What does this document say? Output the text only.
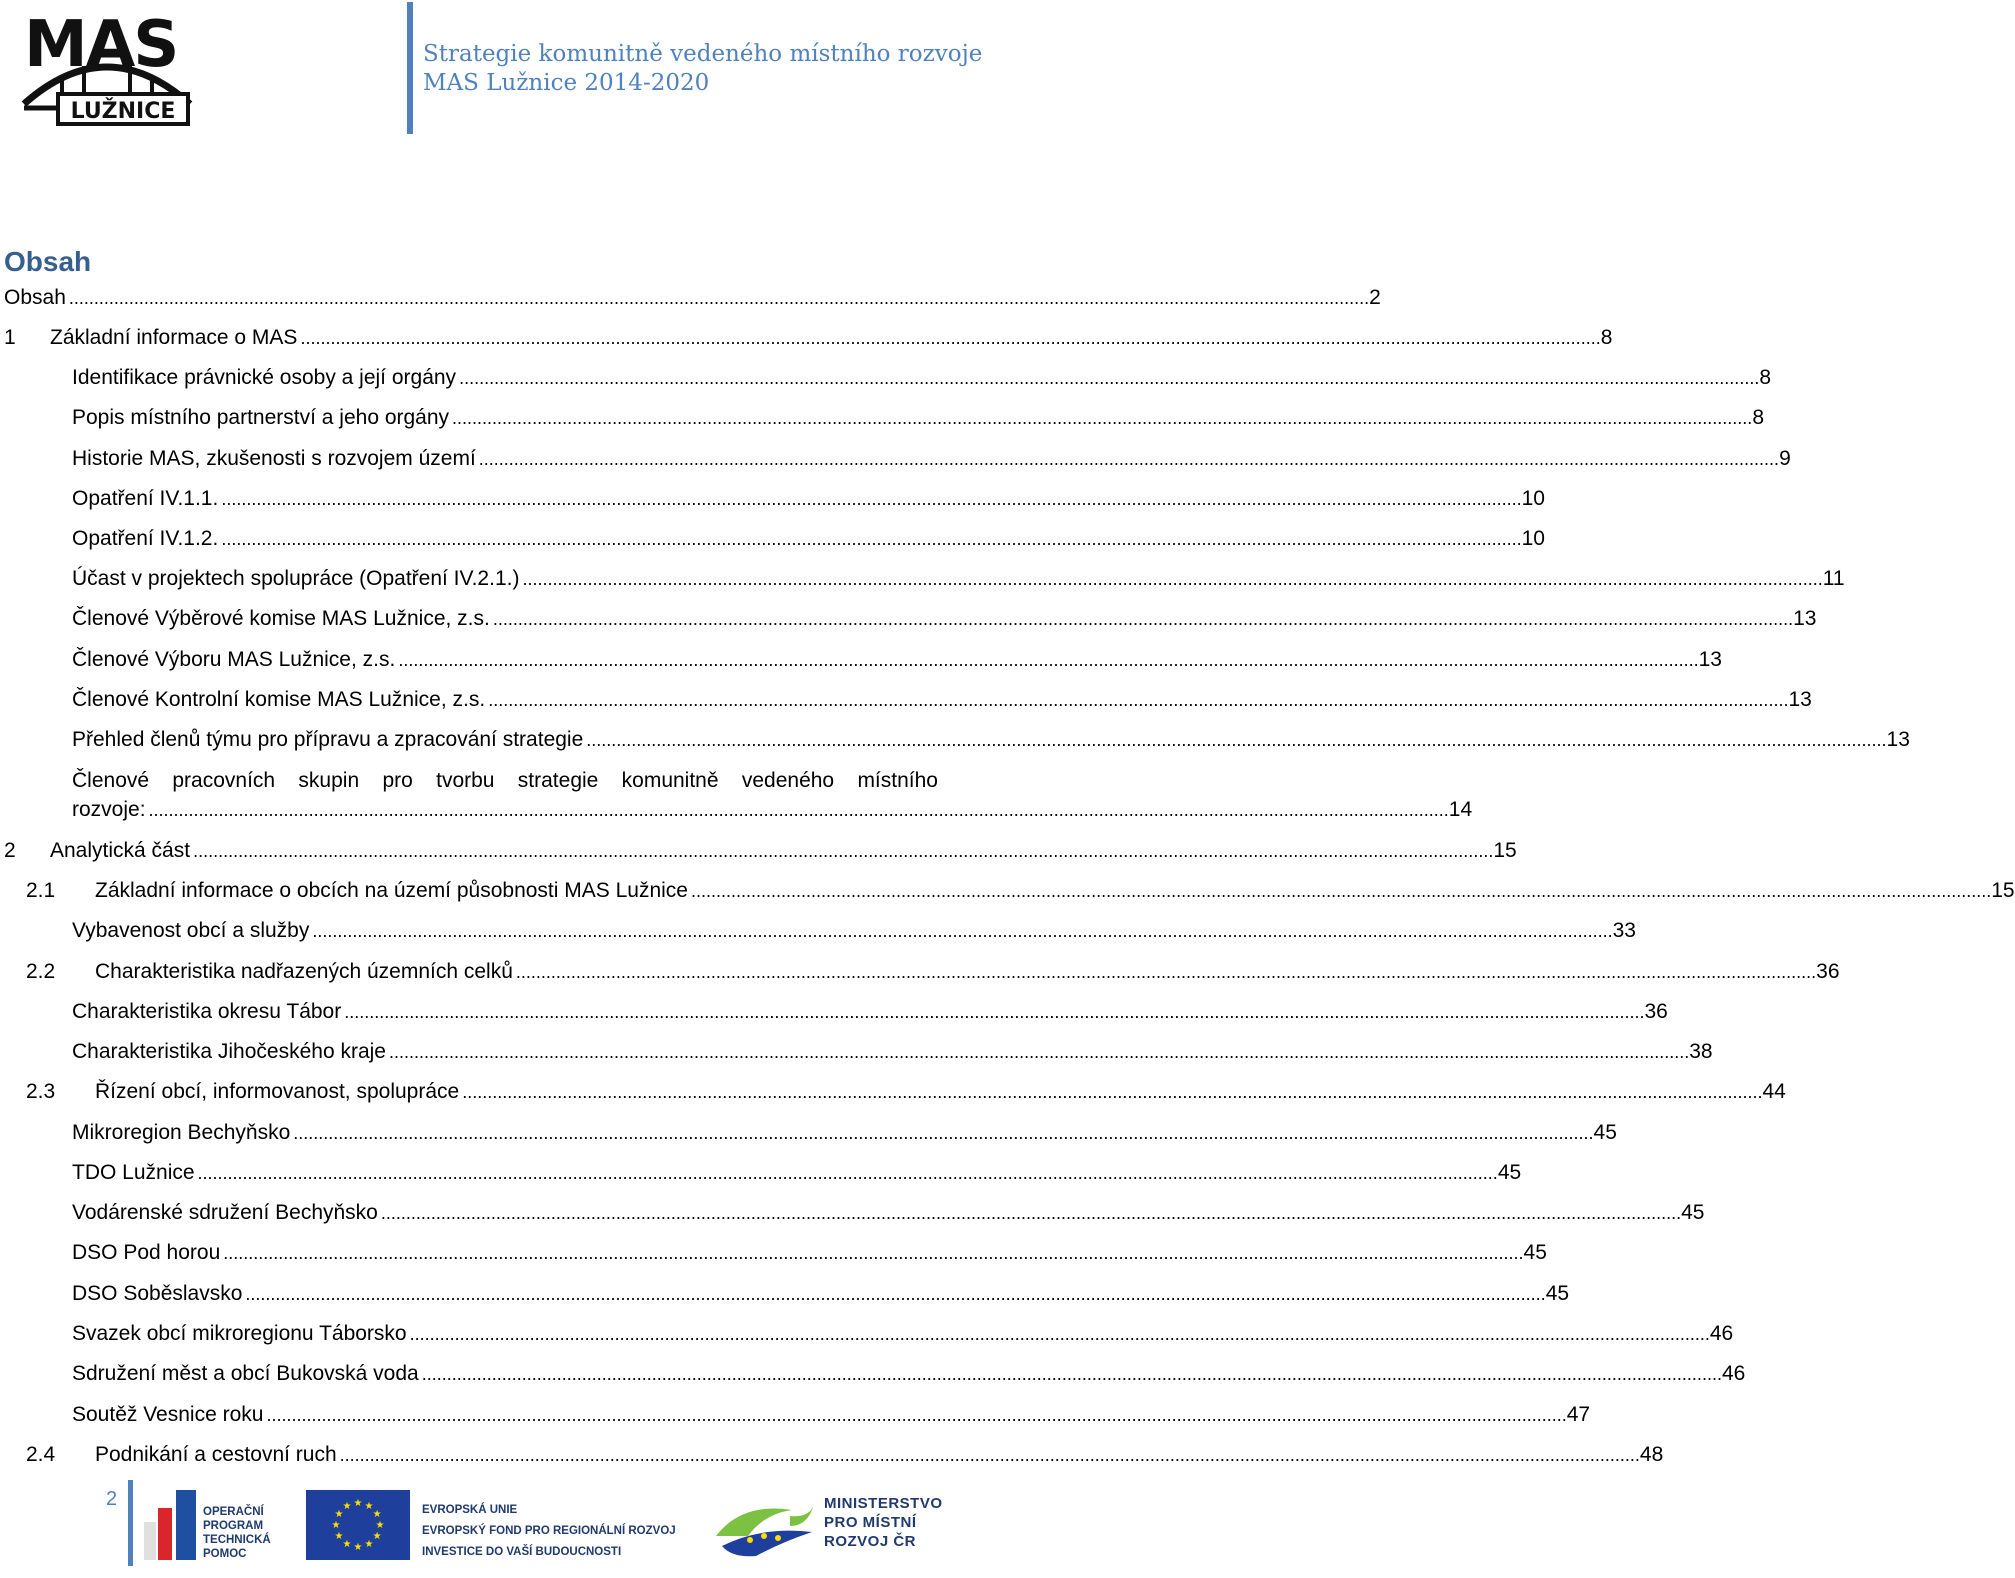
MAS
LUŽNICE
Strategie komunitně vedeného místního rozvoje
MAS Lužnice 2014-2020
Obsah
Obsah .................................................................................................................................................................................................................................................................... 2
1 Základní informace o MAS .................................................................................................................................................................................................................................................................... 8
Identifikace právnické osoby a její orgány .................................................................................................................................................................................................................................................................... 8
Popis místního partnerství a jeho orgány .................................................................................................................................................................................................................................................................... 8
Historie MAS, zkušenosti s rozvojem území .................................................................................................................................................................................................................................................................... 9
Opatření IV.1.1. .................................................................................................................................................................................................................................................................... 10
Opatření IV.1.2. .................................................................................................................................................................................................................................................................... 10
Účast v projektech spolupráce (Opatření IV.2.1.) .................................................................................................................................................................................................................................................................... 11
Členové Výběrové komise MAS Lužnice, z.s. .................................................................................................................................................................................................................................................................... 13
Členové Výboru MAS Lužnice, z.s. .................................................................................................................................................................................................................................................................... 13
Členové Kontrolní komise MAS Lužnice, z.s. .................................................................................................................................................................................................................................................................... 13
Přehled členů týmu pro přípravu a zpracování strategie .................................................................................................................................................................................................................................................................... 13
Členové pracovních skupin pro tvorbu strategie komunitně vedeného místního
rozvoje: .................................................................................................................................................................................................................................................................... 14
2 Analytická část .................................................................................................................................................................................................................................................................... 15
2.1 Základní informace o obcích na území působnosti MAS Lužnice .................................................................................................................................................................................................................................................................... 15
Vybavenost obcí a služby .................................................................................................................................................................................................................................................................... 33
2.2 Charakteristika nadřazených územních celků .................................................................................................................................................................................................................................................................... 36
Charakteristika okresu Tábor .................................................................................................................................................................................................................................................................... 36
Charakteristika Jihočeského kraje .................................................................................................................................................................................................................................................................... 38
2.3 Řízení obcí, informovanost, spolupráce .................................................................................................................................................................................................................................................................... 44
Mikroregion Bechyňsko .................................................................................................................................................................................................................................................................... 45
TDO Lužnice .................................................................................................................................................................................................................................................................... 45
Vodárenské sdružení Bechyňsko .................................................................................................................................................................................................................................................................... 45
DSO Pod horou .................................................................................................................................................................................................................................................................... 45
DSO Soběslavsko .................................................................................................................................................................................................................................................................... 45
Svazek obcí mikroregionu Táborsko .................................................................................................................................................................................................................................................................... 46
Sdružení měst a obcí Bukovská voda .................................................................................................................................................................................................................................................................... 46
Soutěž Vesnice roku .................................................................................................................................................................................................................................................................... 47
2.4 Podnikání a cestovní ruch .................................................................................................................................................................................................................................................................... 48
2
OPERAČNÍ
PROGRAM
TECHNICKÁ
POMOC
★ ★
★
★
★
★
★
★
★
★
★
★	EVROPSKÁ UNIE
EVROPSKÝ FOND PRO REGIONÁLNÍ ROZVOJ
INVESTICE DO VAŠÍ BUDOUCNOSTI
MINISTERSTVO
PRO MÍSTNÍ
ROZVOJ ČR
